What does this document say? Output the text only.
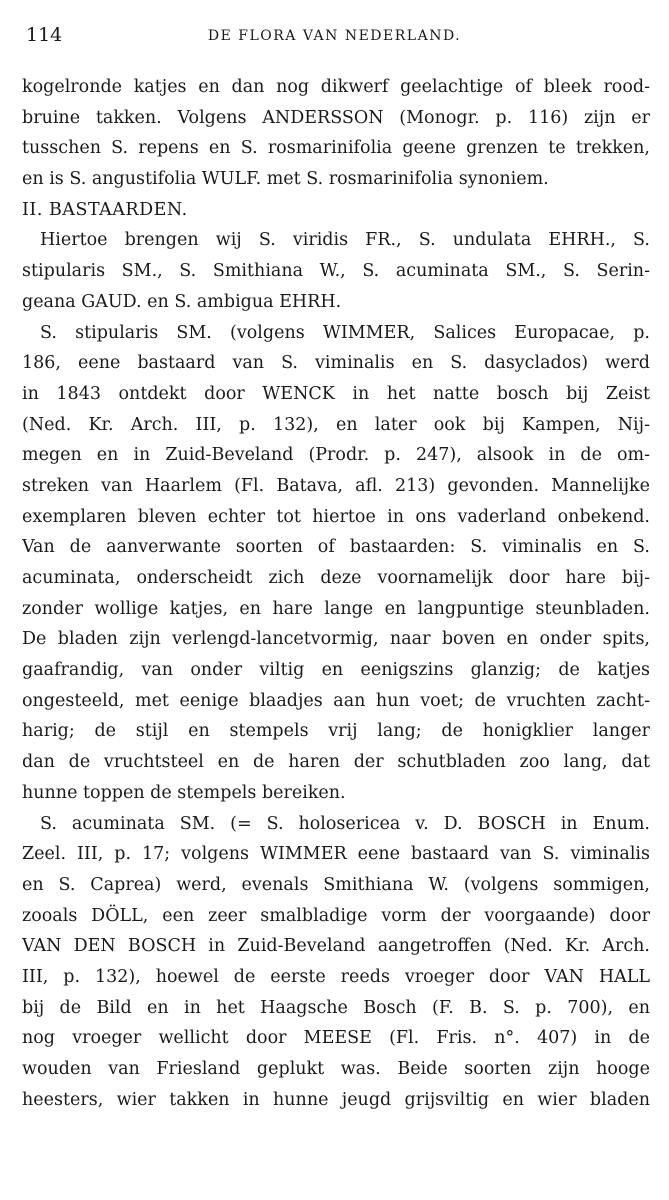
114	DE FLORA VAN NEDERLAND.
kogelronde katjes en dan nog dikwerf geelachtige of bleek rood-
bruine takken. Volgens ANDERSSON (Monogr. p. 116) zijn er
tusschen S. repens en S. rosmarinifolia geene grenzen te trekken,
en is S. angustifolia WULF. met S. rosmarinifolia synoniem.
II. BASTAARDEN.
Hiertoe brengen wij S. viridis FR., S. undulata EHRH., S.
stipularis SM., S. Smithiana W., S. acuminata SM., S. Serin-
geana GAUD. en S. ambigua EHRH.
S. stipularis SM. (volgens WIMMER, Salices Europacae, p.
186, eene bastaard van S. viminalis en S. dasyclados) werd
in 1843 ontdekt door WENCK in het natte bosch bij Zeist
(Ned. Kr. Arch. III, p. 132), en later ook bij Kampen, Nij-
megen en in Zuid-Beveland (Prodr. p. 247), alsook in de om-
streken van Haarlem (Fl. Batava, afl. 213) gevonden. Mannelijke
exemplaren bleven echter tot hiertoe in ons vaderland onbekend.
Van de aanverwante soorten of bastaarden: S. viminalis en S.
acuminata, onderscheidt zich deze voornamelijk door hare bij-
zonder wollige katjes, en hare lange en langpuntige steunbladen.
De bladen zijn verlengd-lancetvormig, naar boven en onder spits,
gaafrandig, van onder viltig en eenigszins glanzig; de katjes
ongesteeld, met eenige blaadjes aan hun voet; de vruchten zacht-
harig; de stijl en stempels vrij lang; de honigklier langer
dan de vruchtsteel en de haren der schutbladen zoo lang, dat
hunne toppen de stempels bereiken.
S. acuminata SM. (= S. holosericea v. D. BOSCH in Enum.
Zeel. III, p. 17; volgens WIMMER eene bastaard van S. viminalis
en S. Caprea) werd, evenals Smithiana W. (volgens sommigen,
zooals DÖLL, een zeer smalbladige vorm der voorgaande) door
VAN DEN BOSCH in Zuid-Beveland aangetroffen (Ned. Kr. Arch.
III, p. 132), hoewel de eerste reeds vroeger door VAN HALL
bij de Bild en in het Haagsche Bosch (F. B. S. p. 700), en
nog vroeger wellicht door MEESE (Fl. Fris. n°. 407) in de
wouden van Friesland geplukt was. Beide soorten zijn hooge
heesters, wier takken in hunne jeugd grijsviltig en wier bladen
